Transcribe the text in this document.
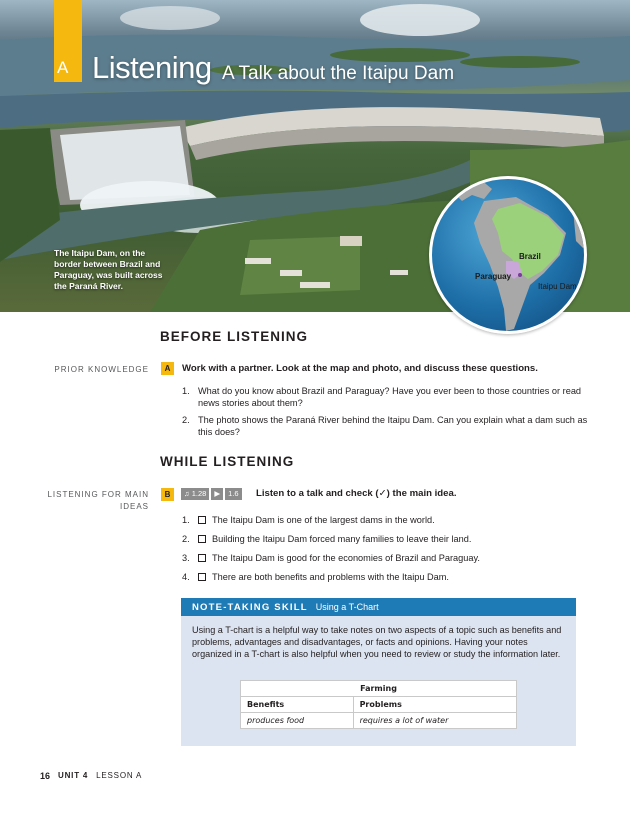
A Listening A Talk about the Itaipu Dam
The Itaipu Dam, on the border between Brazil and Paraguay, was built across the Paraná River.
Brazil
Paraguay
Itaipu Dam
BEFORE LISTENING
PRIOR KNOWLEDGE	A	Work with a partner. Look at the map and photo, and discuss these questions.
1. What do you know about Brazil and Paraguay? Have you ever been to those countries or read news stories about them?
2. The photo shows the Paraná River behind the Itaipu Dam. Can you explain what a dam such as this does?
WHILE LISTENING
LISTENING FOR MAIN IDEAS
B	♫ 1.28	▶	1.6	Listen to a talk and check (✓) the main idea.
1.	The Itaipu Dam is one of the largest dams in the world.
2.	Building the Itaipu Dam forced many families to leave their land.
3.	The Itaipu Dam is good for the economies of Brazil and Paraguay.
4.	There are both benefits and problems with the Itaipu Dam.
NOTE-TAKING SKILL Using a T-Chart
Using a T-chart is a helpful way to take notes on two aspects of a topic such as benefits and problems, advantages and disadvantages, or facts and opinions. Having your notes organized in a T-chart is also helpful when you need to review or study the information later.
Farming	
Benefits	Problems
produces food	requires a lot of water
16 UNIT 4 LESSON A
